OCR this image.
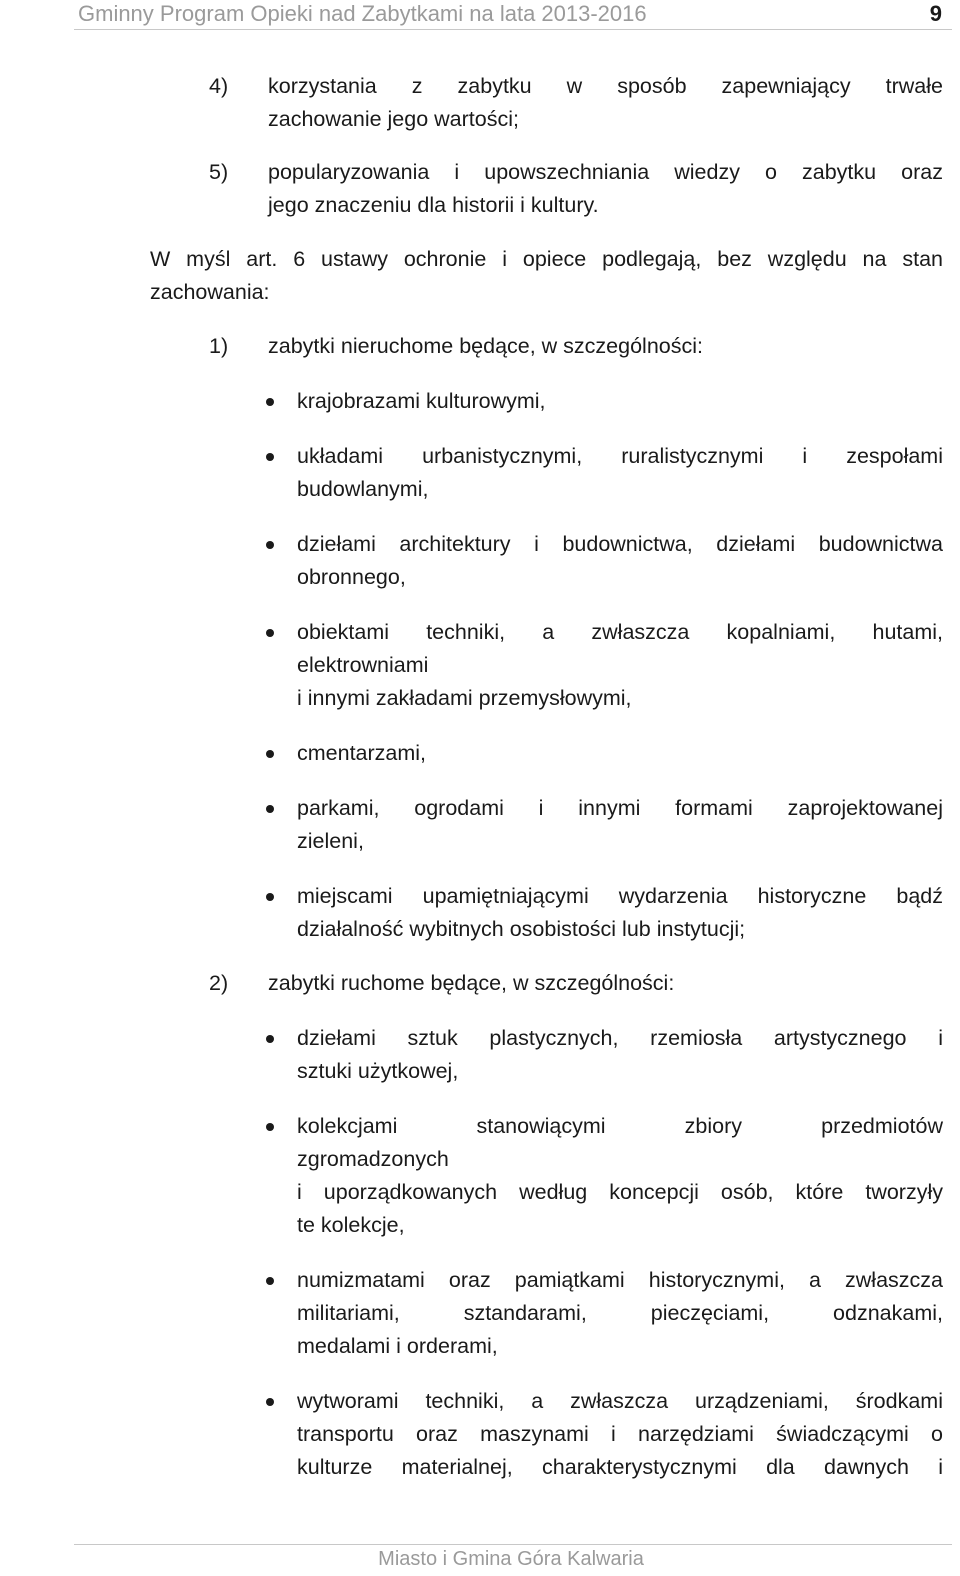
Gminny Program Opieki nad Zabytkami na lata 2013-2016	9
4) korzystania z zabytku w sposób zapewniający trwałe
zachowanie jego wartości;
5) popularyzowania i upowszechniania wiedzy o zabytku oraz
jego znaczeniu dla historii i kultury.
W myśl art. 6 ustawy ochronie i opiece podlegają, bez względu na stan
zachowania:
1) zabytki nieruchome będące, w szczególności:
krajobrazami kulturowymi,
układami urbanistycznymi, ruralistycznymi i zespołami
budowlanymi,
dziełami architektury i budownictwa, dziełami budownictwa
obronnego,
obiektami techniki, a zwłaszcza kopalniami, hutami,
elektrowniami
i innymi zakładami przemysłowymi,
cmentarzami,
parkami, ogrodami i innymi formami zaprojektowanej
zieleni,
miejscami upamiętniającymi wydarzenia historyczne bądź
działalność wybitnych osobistości lub instytucji;
2) zabytki ruchome będące, w szczególności:
dziełami sztuk plastycznych, rzemiosła artystycznego i
sztuki użytkowej,
kolekcjami stanowiącymi zbiory przedmiotów
zgromadzonych
i uporządkowanych według koncepcji osób, które tworzyły
te kolekcje,
numizmatami oraz pamiątkami historycznymi, a zwłaszcza
militariami, sztandarami, pieczęciami, odznakami,
medalami i orderami,
wytworami techniki, a zwłaszcza urządzeniami, środkami
transportu oraz maszynami i narzędziami świadczącymi o
kulturze materialnej, charakterystycznymi dla dawnych i
Miasto i Gmina Góra Kalwaria
